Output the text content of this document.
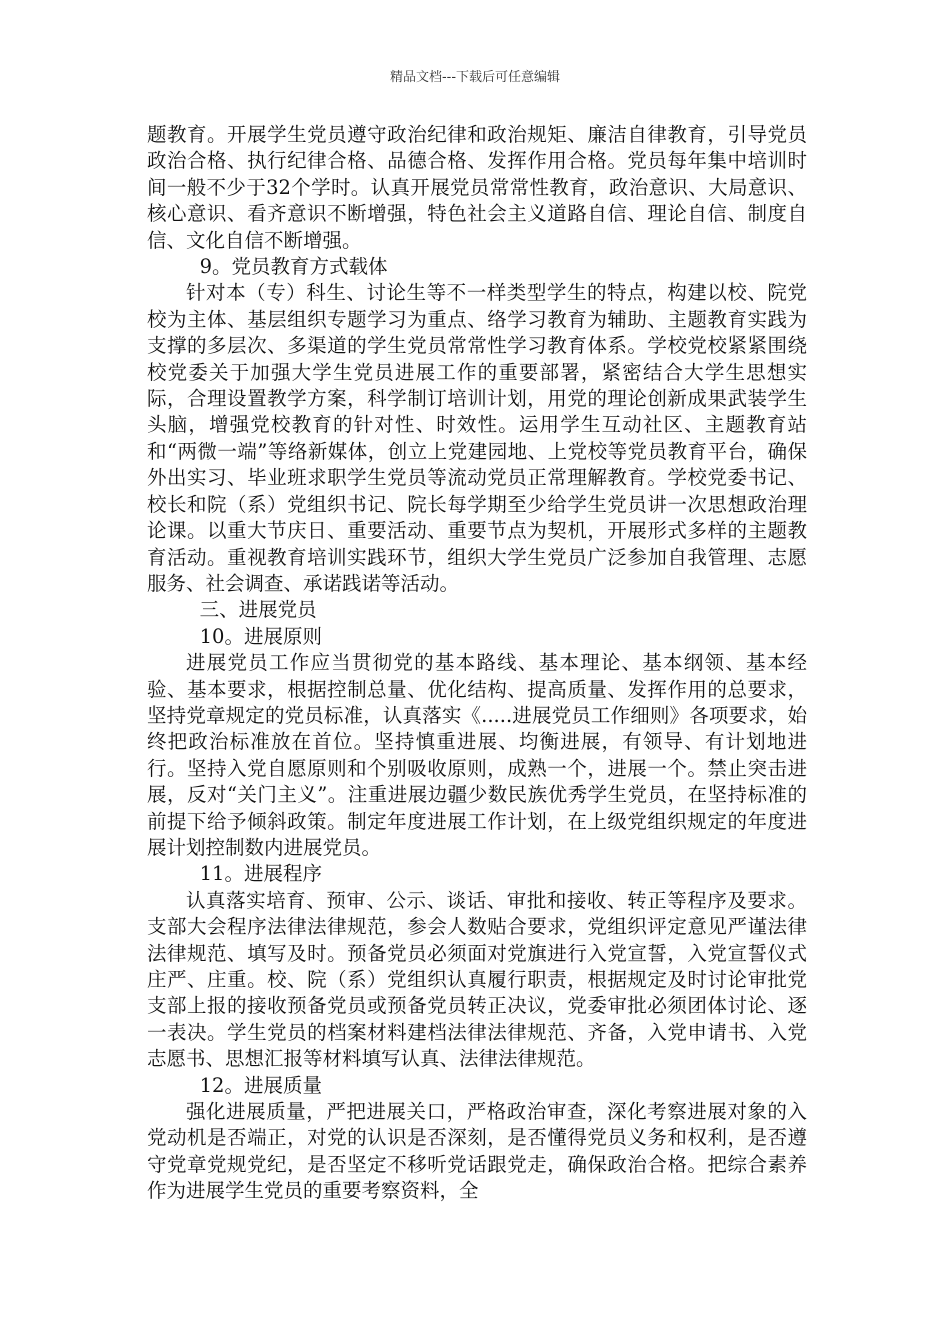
精品文档---下载后可任意编辑

题教育。开展学生党员遵守政治纪律和政治规矩、廉洁自律教育，引导党员政治合格、执行纪律合格、品德合格、发挥作用合格。党员每年集中培训时间一般不少于32个学时。认真开展党员常常性教育，政治意识、大局意识、核心意识、看齐意识不断增强，特色社会主义道路自信、理论自信、制度自信、文化自信不断增强。

9。党员教育方式载体

针对本（专）科生、讨论生等不一样类型学生的特点，构建以校、院党校为主体、基层组织专题学习为重点、络学习教育为辅助、主题教育实践为支撑的多层次、多渠道的学生党员常常性学习教育体系。学校党校紧紧围绕校党委关于加强大学生党员进展工作的重要部署，紧密结合大学生思想实际，合理设置教学方案，科学制订培训计划，用党的理论创新成果武装学生头脑，增强党校教育的针对性、时效性。运用学生互动社区、主题教育站和“两微一端”等络新媒体，创立上党建园地、上党校等党员教育平台，确保外出实习、毕业班求职学生党员等流动党员正常理解教育。学校党委书记、校长和院（系）党组织书记、院长每学期至少给学生党员讲一次思想政治理论课。以重大节庆日、重要活动、重要节点为契机，开展形式多样的主题教育活动。重视教育培训实践环节，组织大学生党员广泛参加自我管理、志愿服务、社会调查、承诺践诺等活动。

三、进展党员

10。进展原则

进展党员工作应当贯彻党的基本路线、基本理论、基本纲领、基本经验、基本要求，根据控制总量、优化结构、提高质量、发挥作用的总要求，坚持党章规定的党员标准，认真落实《.....进展党员工作细则》各项要求，始终把政治标准放在首位。坚持慎重进展、均衡进展，有领导、有计划地进行。坚持入党自愿原则和个别吸收原则，成熟一个，进展一个。禁止突击进展，反对“关门主义”。注重进展边疆少数民族优秀学生党员，在坚持标准的前提下给予倾斜政策。制定年度进展工作计划，在上级党组织规定的年度进展计划控制数内进展党员。

11。进展程序

认真落实培育、预审、公示、谈话、审批和接收、转正等程序及要求。支部大会程序法律法律规范，参会人数贴合要求，党组织评定意见严谨法律法律规范、填写及时。预备党员必须面对党旗进行入党宣誓，入党宣誓仪式庄严、庄重。校、院（系）党组织认真履行职责，根据规定及时讨论审批党支部上报的接收预备党员或预备党员转正决议，党委审批必须团体讨论、逐一表决。学生党员的档案材料建档法律法律规范、齐备，入党申请书、入党志愿书、思想汇报等材料填写认真、法律法律规范。

12。进展质量

强化进展质量，严把进展关口，严格政治审查，深化考察进展对象的入党动机是否端正，对党的认识是否深刻，是否懂得党员义务和权利，是否遵守党章党规党纪，是否坚定不移听党话跟党走，确保政治合格。把综合素养作为进展学生党员的重要考察资料，全
